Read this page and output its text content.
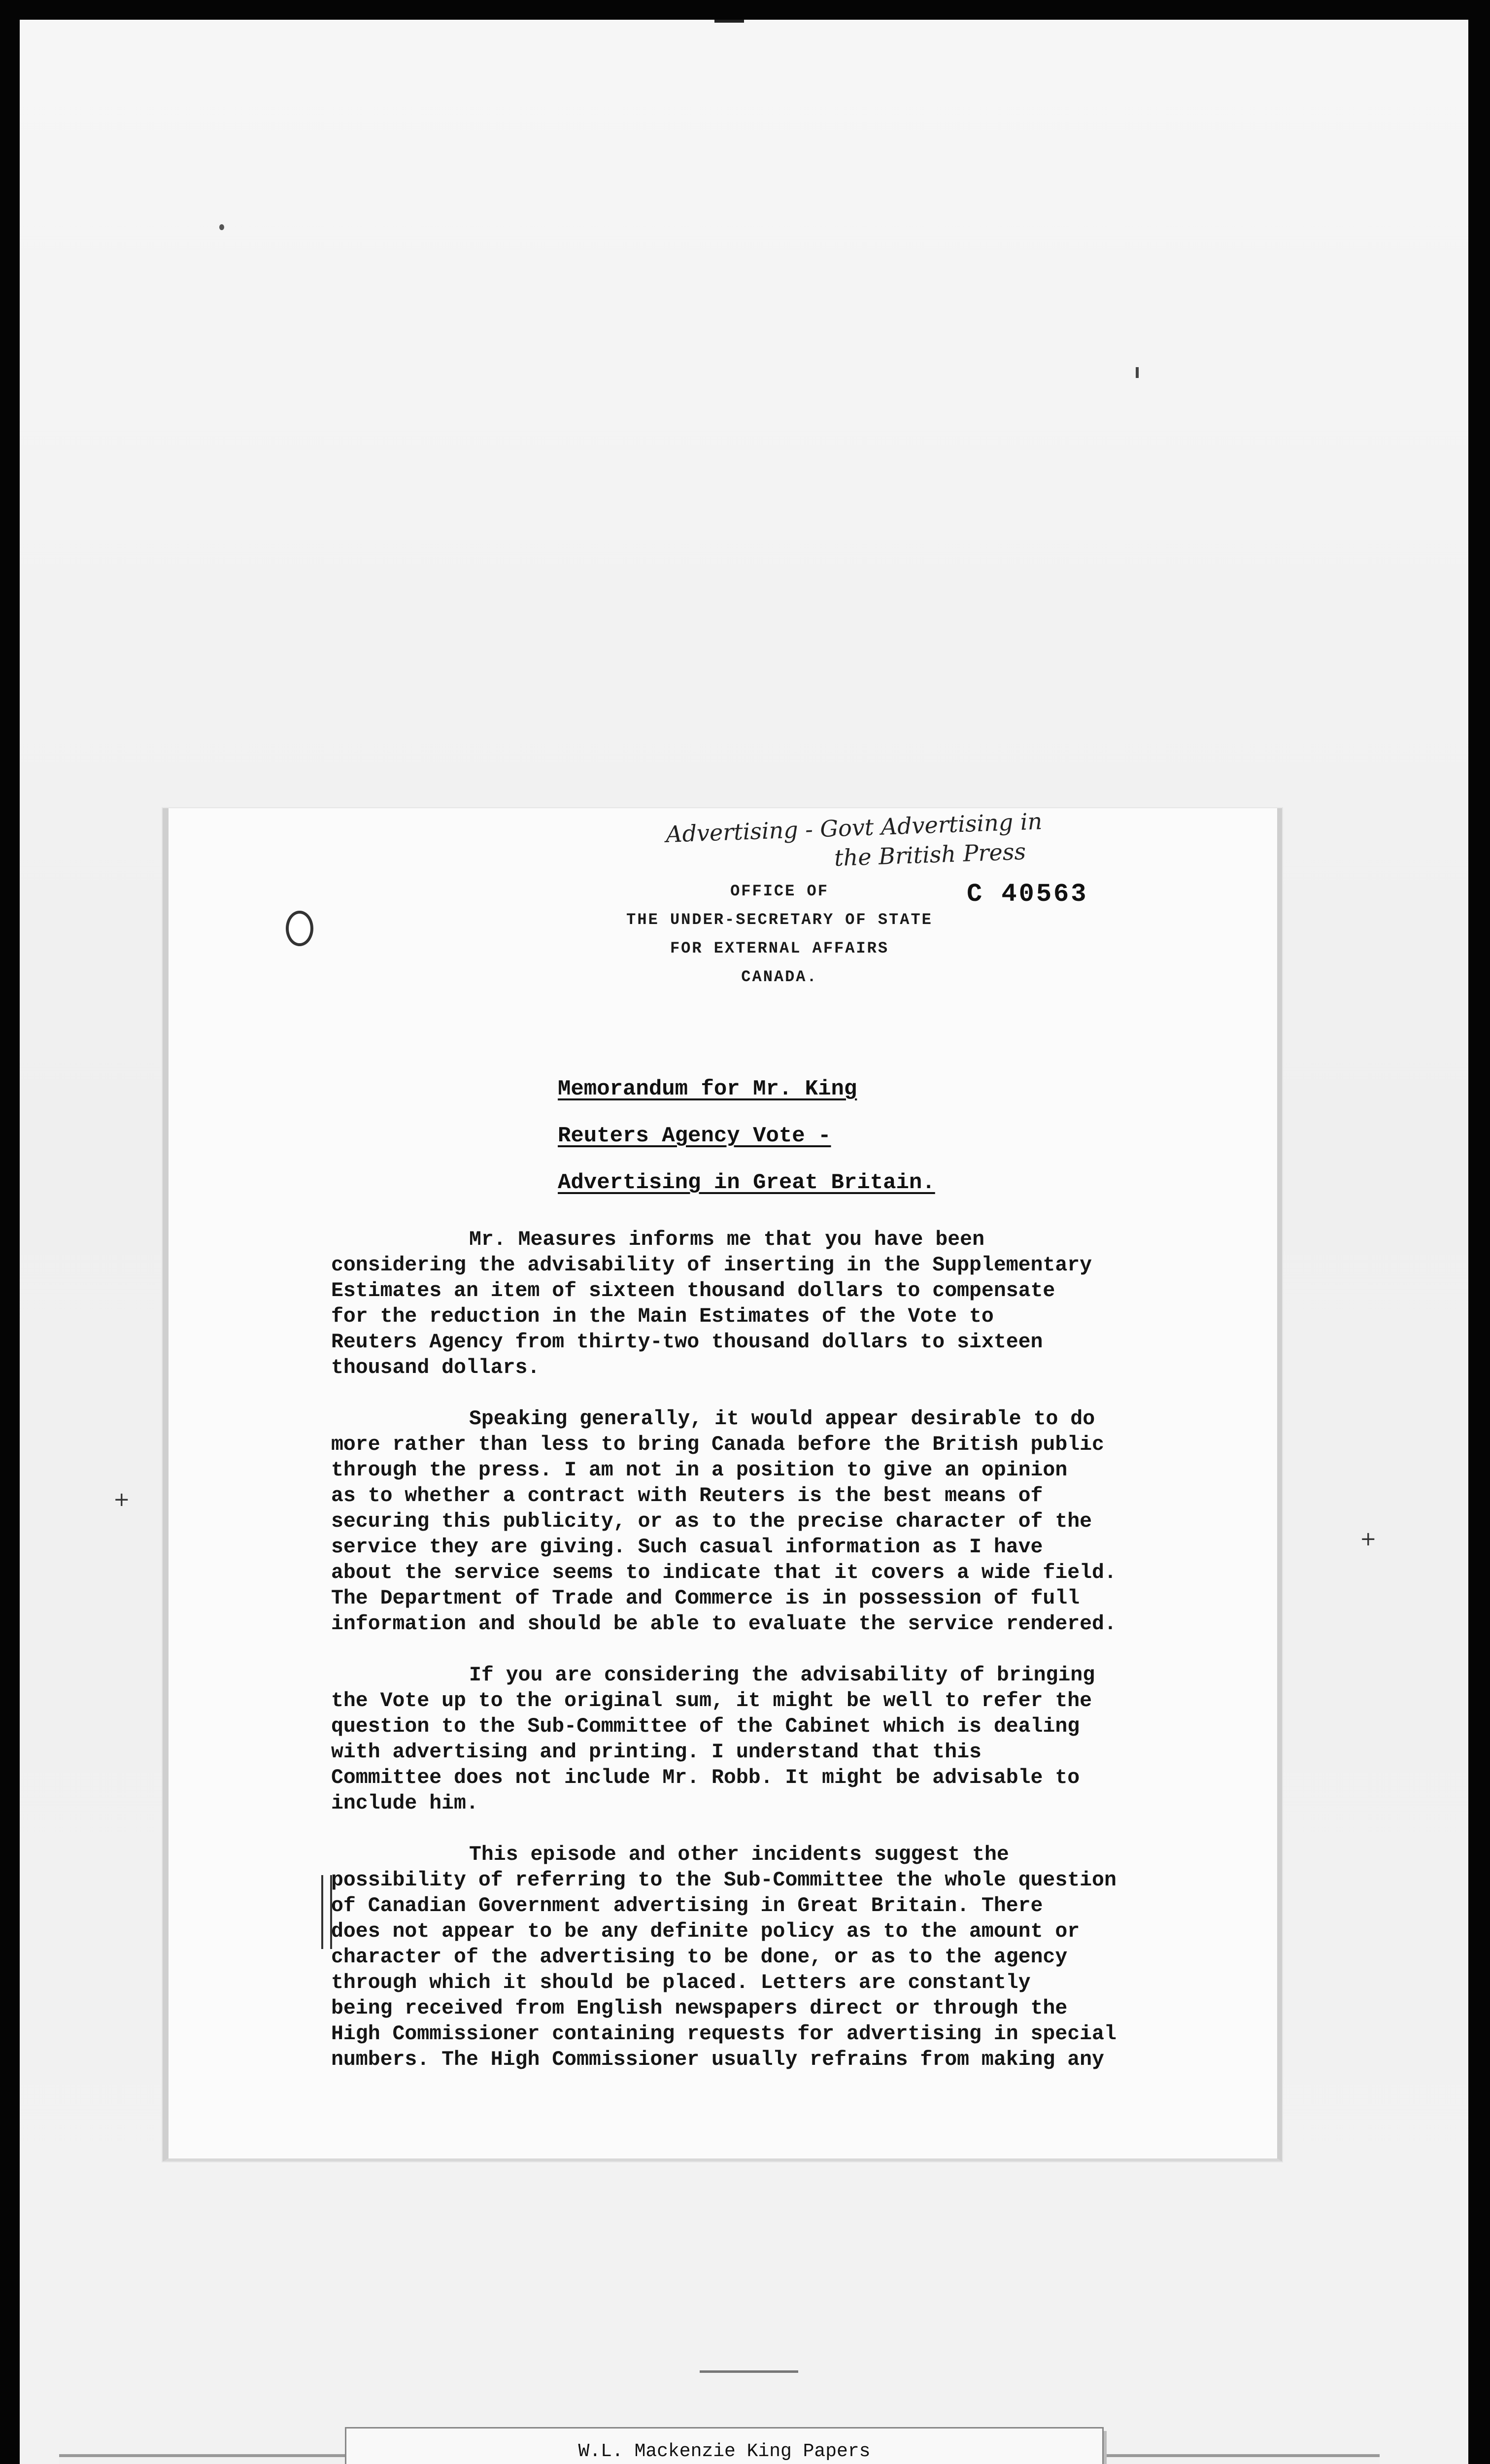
+
+
Advertising - Govt Advertising in
the British Press
OFFICE OF
THE UNDER-SECRETARY OF STATE
FOR EXTERNAL AFFAIRS
CANADA.
C 40563
Memorandum for Mr. King
Reuters Agency Vote -
Advertising in Great Britain.

Mr. Measures informs me that you have been
considering the advisability of inserting in the Supplementary
Estimates an item of sixteen thousand dollars to compensate
for the reduction in the Main Estimates of the Vote to
Reuters Agency from thirty-two thousand dollars to sixteen
thousand dollars.

Speaking generally, it would appear desirable to do
more rather than less to bring Canada before the British public
through the press. I am not in a position to give an opinion
as to whether a contract with Reuters is the best means of
securing this publicity, or as to the precise character of the
service they are giving. Such casual information as I have
about the service seems to indicate that it covers a wide field.
The Department of Trade and Commerce is in possession of full
information and should be able to evaluate the service rendered.

If you are considering the advisability of bringing
the Vote up to the original sum, it might be well to refer the
question to the Sub-Committee of the Cabinet which is dealing
with advertising and printing. I understand that this
Committee does not include Mr. Robb. It might be advisable to
include him.

This episode and other incidents suggest the
possibility of referring to the Sub-Committee the whole question
of Canadian Government advertising in Great Britain. There
does not appear to be any definite policy as to the amount or
character of the advertising to be done, or as to the agency
through which it should be placed. Letters are constantly
being received from English newspapers direct or through the
High Commissioner containing requests for advertising in special
numbers. The High Commissioner usually refrains from making any

W.L. Mackenzie King Papers
